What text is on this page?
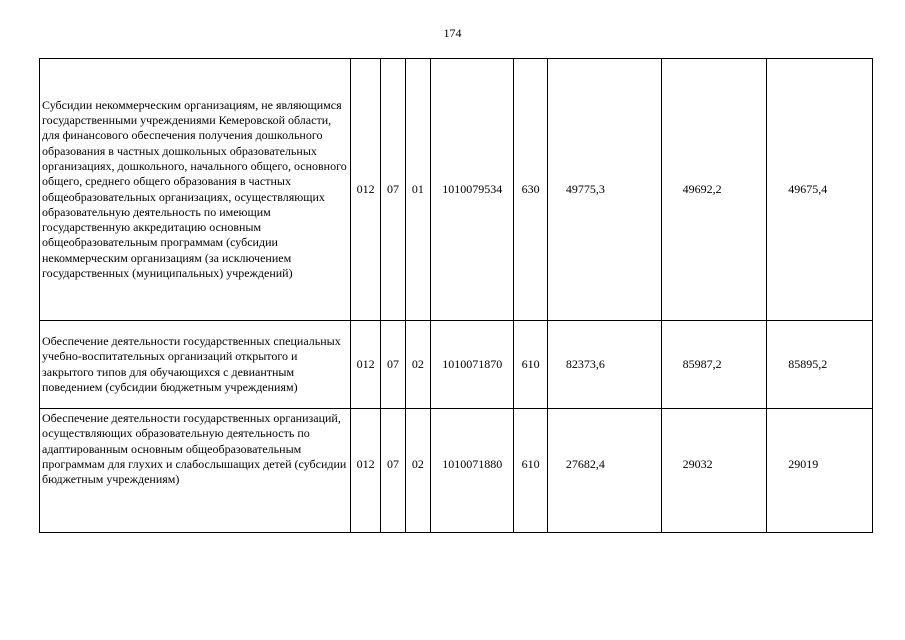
174
Субсидии некоммерческим организациям, не являющимся государственными учреждениями Кемеровской области, для финансового обеспечения получения дошкольного образования в частных дошкольных образовательных организациях, дошкольного, начального общего, основного общего, среднего общего образования в частных общеобразовательных организациях, осуществляющих образовательную деятельность по имеющим государственную аккредитацию основным общеобразовательным программам (субсидии некоммерческим организациям (за исключением государственных (муниципальных) учреждений)	012	07	01	1010079534	630	49775,3	49692,2	49675,4
Обеспечение деятельности государственных специальных учебно-воспитательных организаций открытого и закрытого типов для обучающихся с девиантным поведением (субсидии бюджетным учреждениям)	012	07	02	1010071870	610	82373,6	85987,2	85895,2
Обеспечение деятельности государственных организаций, осуществляющих образовательную деятельность по адаптированным основным общеобразовательным программам для глухих и слабослышащих детей (субсидии бюджетным учреждениям)	012	07	02	1010071880	610	27682,4	29032	29019
